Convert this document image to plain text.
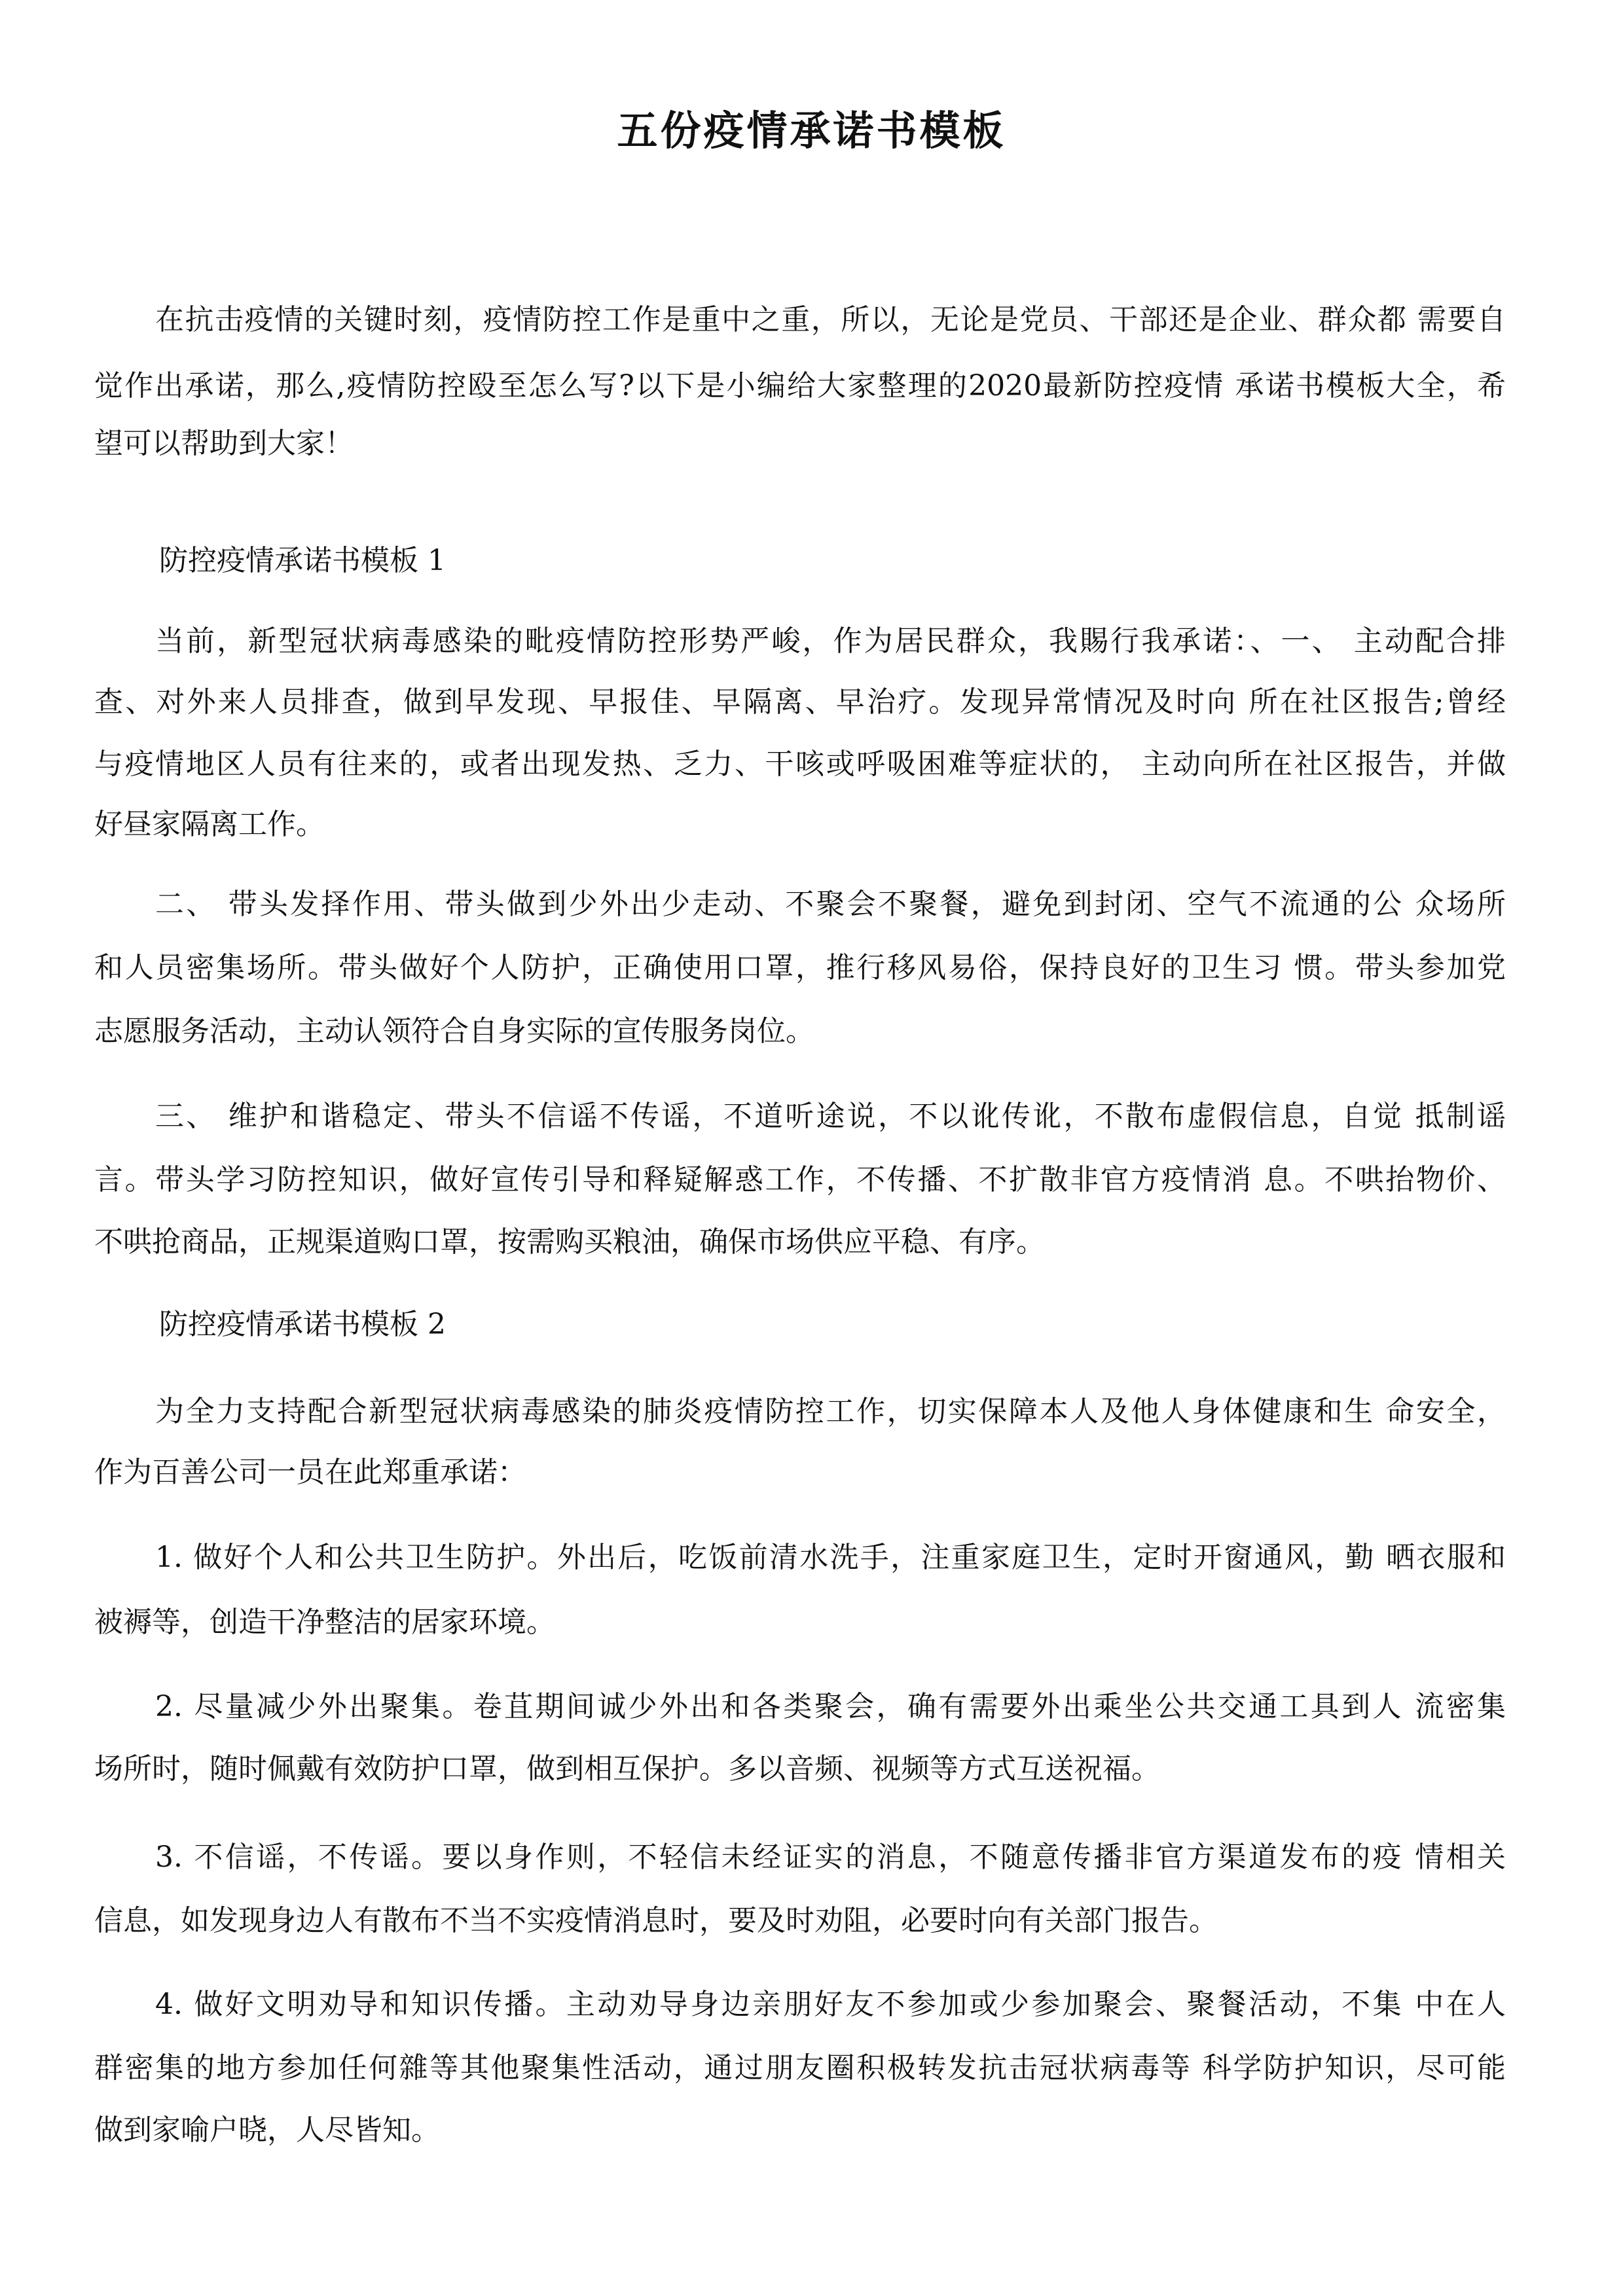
五份疫情承诺书模板
在抗击疫情的关键时刻，疫情防控工作是重中之重，所以，无论是党员、干部还是企业、群众都 需要自
觉作出承诺，那么,疫情防控殴至怎么写?以下是小编给大家整理的2020最新防控疫情 承诺书模板大全，希
望可以帮助到大家！
防控疫情承诺书模板 1
当前，新型冠状病毒感染的毗疫情防控形势严峻，作为居民群众，我賜行我承诺：、一、 主动配合排
查、对外来人员排查，做到早发现、早报佳、早隔离、早治疗。发现异常情况及时向 所在社区报告;曾经
与疫情地区人员有往来的，或者出现发热、乏力、干咳或呼吸困难等症状的， 主动向所在社区报告，并做
好昼家隔离工作。
二、 带头发择作用、带头做到少外出少走动、不聚会不聚餐，避免到封闭、空气不流通的公 众场所
和人员密集场所。带头做好个人防护，正确使用口罩，推行移风易俗，保持良好的卫生习 惯。带头参加党
志愿服务活动，主动认领符合自身实际的宣传服务岗位。
三、 维护和谐稳定、带头不信谣不传谣，不道听途说，不以讹传讹，不散布虚假信息，自觉 抵制谣
言。带头学习防控知识，做好宣传引导和释疑解惑工作，不传播、不扩散非官方疫情消 息。不哄抬物价、
不哄抢商品，正规渠道购口罩，按需购买粮油，确保市场供应平稳、有序。
防控疫情承诺书模板 2
为全力支持配合新型冠状病毒感染的肺炎疫情防控工作，切实保障本人及他人身体健康和生 命安全，
作为百善公司一员在此郑重承诺：
1. 做好个人和公共卫生防护。外出后，吃饭前清水洗手，注重家庭卫生，定时开窗通风，勤 晒衣服和
被褥等，创造干净整洁的居家环境。
2. 尽量减少外出聚集。卷苴期间诚少外出和各类聚会，确有需要外出乘坐公共交通工具到人 流密集
场所时，随时佩戴有效防护口罩，做到相互保护。多以音频、视频等方式互送祝福。
3. 不信谣，不传谣。要以身作则，不轻信未经证实的消息，不随意传播非官方渠道发布的疫 情相关
信息，如发现身边人有散布不当不实疫情消息时，要及时劝阻，必要时向有关部门报告。
4. 做好文明劝导和知识传播。主动劝导身边亲朋好友不参加或少参加聚会、聚餐活动，不集 中在人
群密集的地方参加任何雜等其他聚集性活动，通过朋友圈积极转发抗击冠状病毒等 科学防护知识，尽可能
做到家喻户晓，人尽皆知。
